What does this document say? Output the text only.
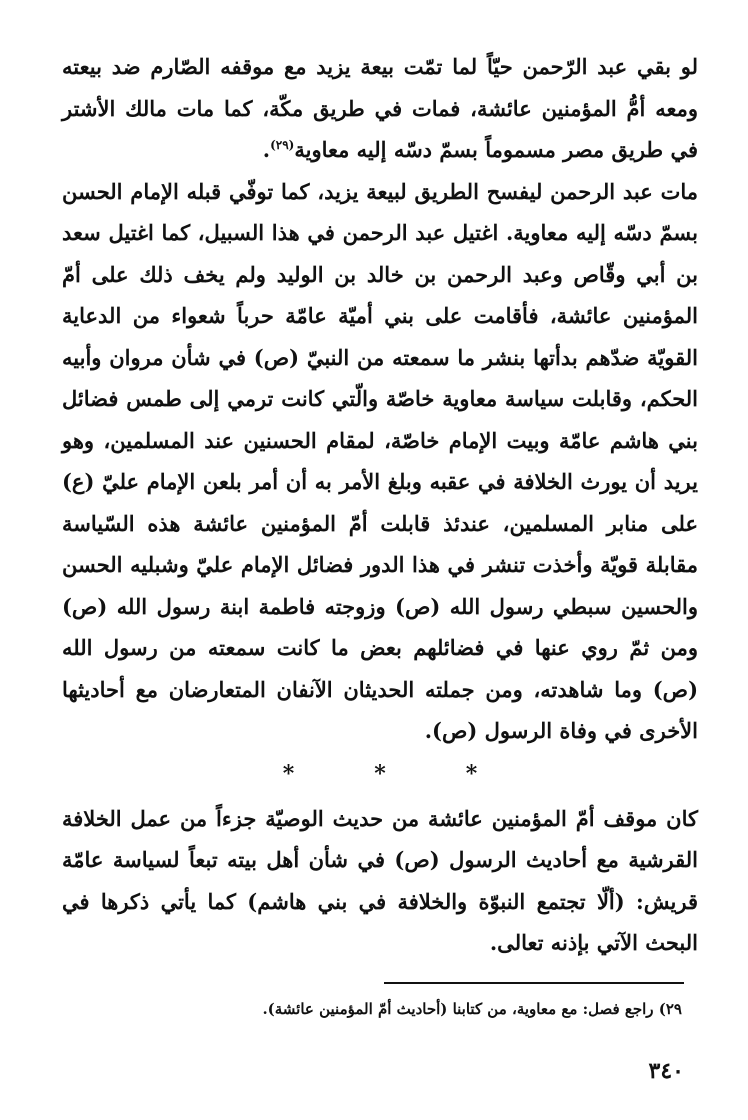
لو بقي عبد الرّحمن حيّاً لما تمّت بيعة يزيد مع موقفه الصّارم ضد بيعته ومعه أمُّ المؤمنين عائشة، فمات في طريق مكّة، كما مات مالك الأشتر في طريق مصر مسموماً بسمّ دسّه إليه معاوية$^{(٢٩)}$.

مات عبد الرحمن ليفسح الطريق لبيعة يزيد، كما توفّي قبله الإمام الحسن بسمّ دسّه إليه معاوية. اغتيل عبد الرحمن في هذا السبيل، كما اغتيل سعد بن أبي وقّاص وعبد الرحمن بن خالد بن الوليد ولم يخف ذلك على أمّ المؤمنين عائشة، فأقامت على بني أميّة عامّة حرباً شعواء من الدعاية القويّة ضدّهم بدأتها بنشر ما سمعته من النبيّ (ص) في شأن مروان وأبيه الحكم، وقابلت سياسة معاوية خاصّة والّتي كانت ترمي إلى طمس فضائل بني هاشم عامّة وبيت الإمام خاصّة، لمقام الحسنين عند المسلمين، وهو يريد أن يورث الخلافة في عقبه وبلغ الأمر به أن أمر بلعن الإمام عليّ (ع) على منابر المسلمين، عندئذ قابلت أمّ المؤمنين عائشة هذه السّياسة مقابلة قويّة وأخذت تنشر في هذا الدور فضائل الإمام عليّ وشبليه الحسن والحسين سبطي رسول الله (ص) وزوجته فاطمة ابنة رسول الله (ص) ومن ثمّ روي عنها في فضائلهم بعض ما كانت سمعته من رسول الله (ص) وما شاهدته، ومن جملته الحديثان الآنفان المتعارضان مع أحاديثها الأخرى في وفاة الرسول (ص).

*	*	*

كان موقف أمّ المؤمنين عائشة من حديث الوصيّة جزءاً من عمل الخلافة القرشية مع أحاديث الرسول (ص) في شأن أهل بيته تبعاً لسياسة عامّة قريش: (ألّا تجتمع النبوّة والخلافة في بني هاشم) كما يأتي ذكرها في البحث الآتي بإذنه تعالى.

٢٩) راجع فصل: مع معاوية، من كتابنا (أحاديث أمّ المؤمنين عائشة).
٣٤٠
